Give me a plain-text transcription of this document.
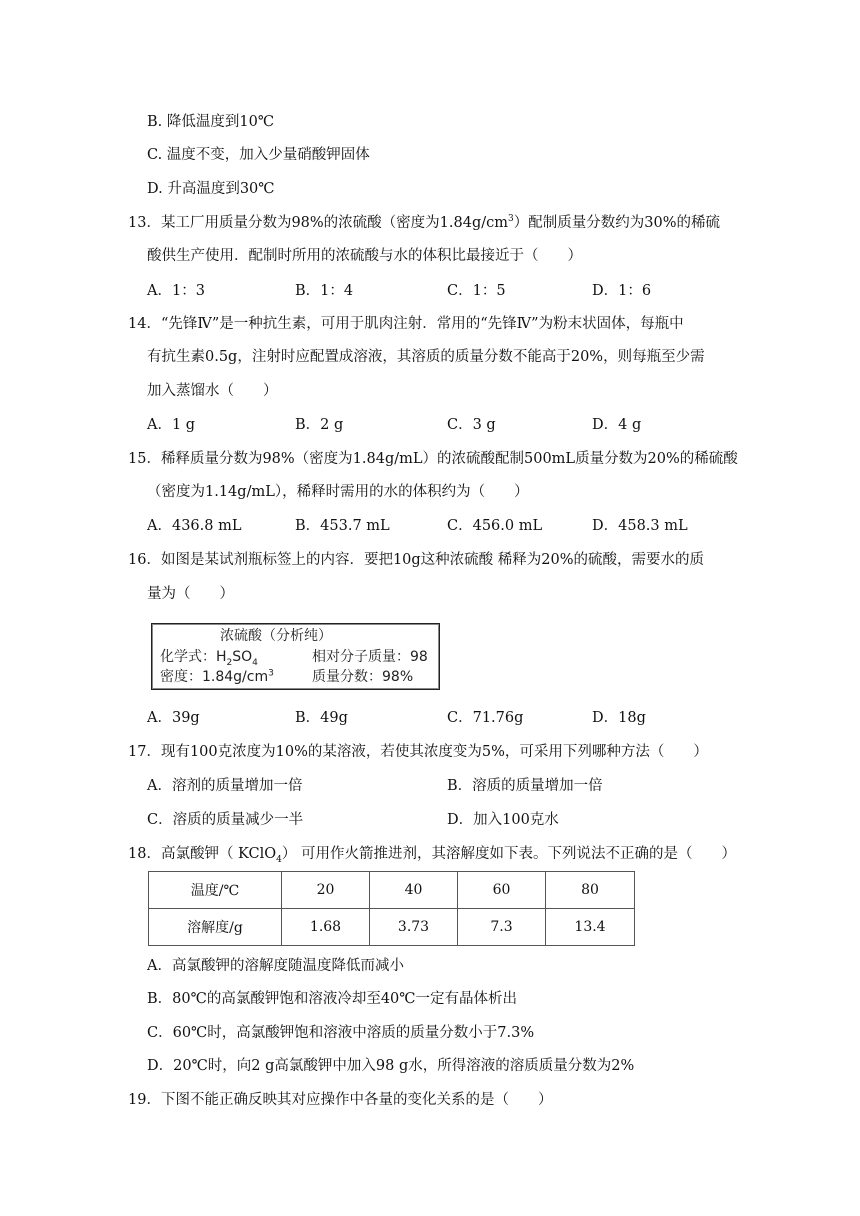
B. 降低温度到10℃
C. 温度不变，加入少量硝酸钾固体
D. 升高温度到30℃
13．某工厂用质量分数为98%的浓硫酸（密度为$1.84g/cm^3$）配制质量分数约为30%的稀硫
酸供生产使用．配制时所用的浓硫酸与水的体积比最接近于（　　）
A．1：3	B．1：4	C．1：5	D．1：6
14．“先锋Ⅳ”是一种抗生素，可用于肌肉注射．常用的“先锋Ⅳ”为粉末状固体，每瓶中
有抗生素0.5g，注射时应配置成溶液，其溶质的质量分数不能高于20%，则每瓶至少需
加入蒸馏水（　　）
A．1 g	B．2 g	C．3 g	D．4 g
15．稀释质量分数为98%（密度为1.84g/mL）的浓硫酸配制500mL质量分数为20%的稀硫酸
（密度为1.14g/mL），稀释时需用的水的体积约为（　　）
A．436.8 mL	B．453.7 mL	C．456.0 mL	D．458.3 mL
16．如图是某试剂瓶标签上的内容．要把10g这种浓硫酸 稀释为20%的硫酸，需要水的质
量为（　　）
浓硫酸（分析纯）
化学式：$H_2SO_4$	相对分子质量：98
密度：$1.84g/cm^3$	质量分数：98%
A．39g	B．49g	C．71.76g	D．18g
17．现有100克浓度为10%的某溶液，若使其浓度变为5%，可采用下列哪种方法（　　）
A．溶剂的质量增加一倍	B．溶质的质量增加一倍
C．溶质的质量减少一半	D．加入100克水
18．高氯酸钾（ KClO$_4$） 可用作火箭推进剂，其溶解度如下表。下列说法不正确的是（　　）
温度/℃	20	40	60	80
溶解度/g	1.68	3.73	7.3	13.4
A．高氯酸钾的溶解度随温度降低而减小
B．80℃的高氯酸钾饱和溶液冷却至40℃一定有晶体析出
C．60℃时，高氯酸钾饱和溶液中溶质的质量分数小于7.3%
D．20℃时，向2 g高氯酸钾中加入98 g水，所得溶液的溶质质量分数为2%
19．下图不能正确反映其对应操作中各量的变化关系的是（　　）
